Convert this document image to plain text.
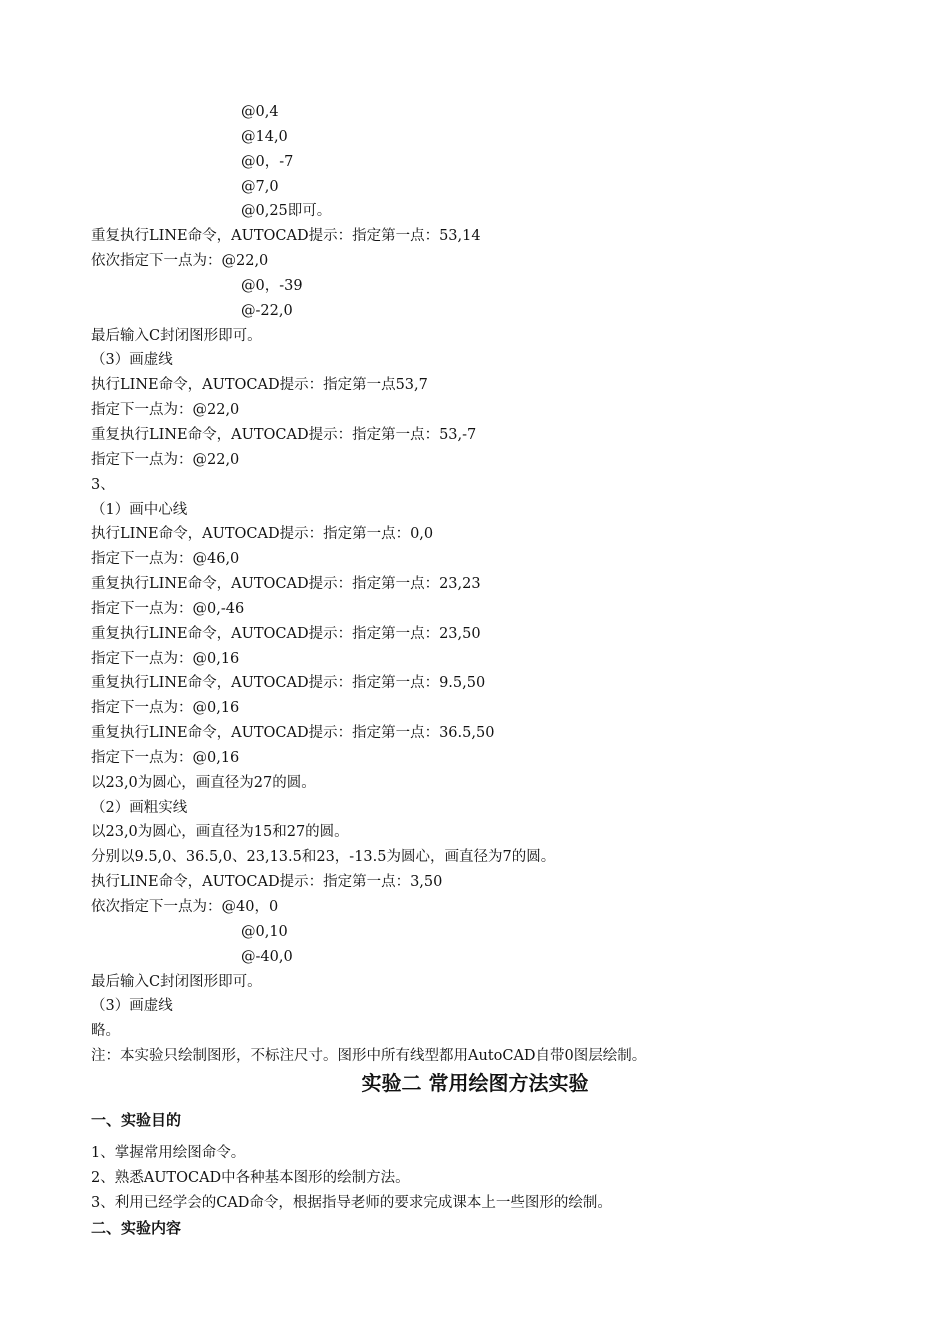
@0,4
@14,0
@0，-7
@7,0
@0,25即可。
重复执行LINE命令，AUTOCAD提示：指定第一点：53,14
依次指定下一点为：@22,0
@0，-39
@-22,0
最后输入C封闭图形即可。
（3）画虚线
执行LINE命令，AUTOCAD提示：指定第一点53,7
指定下一点为：@22,0
重复执行LINE命令，AUTOCAD提示：指定第一点：53,-7
指定下一点为：@22,0
3、
（1）画中心线
执行LINE命令，AUTOCAD提示：指定第一点：0,0
指定下一点为：@46,0
重复执行LINE命令，AUTOCAD提示：指定第一点：23,23
指定下一点为：@0,-46
重复执行LINE命令，AUTOCAD提示：指定第一点：23,50
指定下一点为：@0,16
重复执行LINE命令，AUTOCAD提示：指定第一点：9.5,50
指定下一点为：@0,16
重复执行LINE命令，AUTOCAD提示：指定第一点：36.5,50
指定下一点为：@0,16
以23,0为圆心，画直径为27的圆。
（2）画粗实线
以23,0为圆心，画直径为15和27的圆。
分别以9.5,0、36.5,0、23,13.5和23，-13.5为圆心，画直径为7的圆。
执行LINE命令，AUTOCAD提示：指定第一点：3,50
依次指定下一点为：@40，0
@0,10
@-40,0
最后输入C封闭图形即可。
（3）画虚线
略。
注：本实验只绘制图形，不标注尺寸。图形中所有线型都用AutoCAD自带0图层绘制。
实验二 常用绘图方法实验
一、实验目的
1、掌握常用绘图命令。
2、熟悉AUTOCAD中各种基本图形的绘制方法。
3、利用已经学会的CAD命令，根据指导老师的要求完成课本上一些图形的绘制。
二、实验内容
